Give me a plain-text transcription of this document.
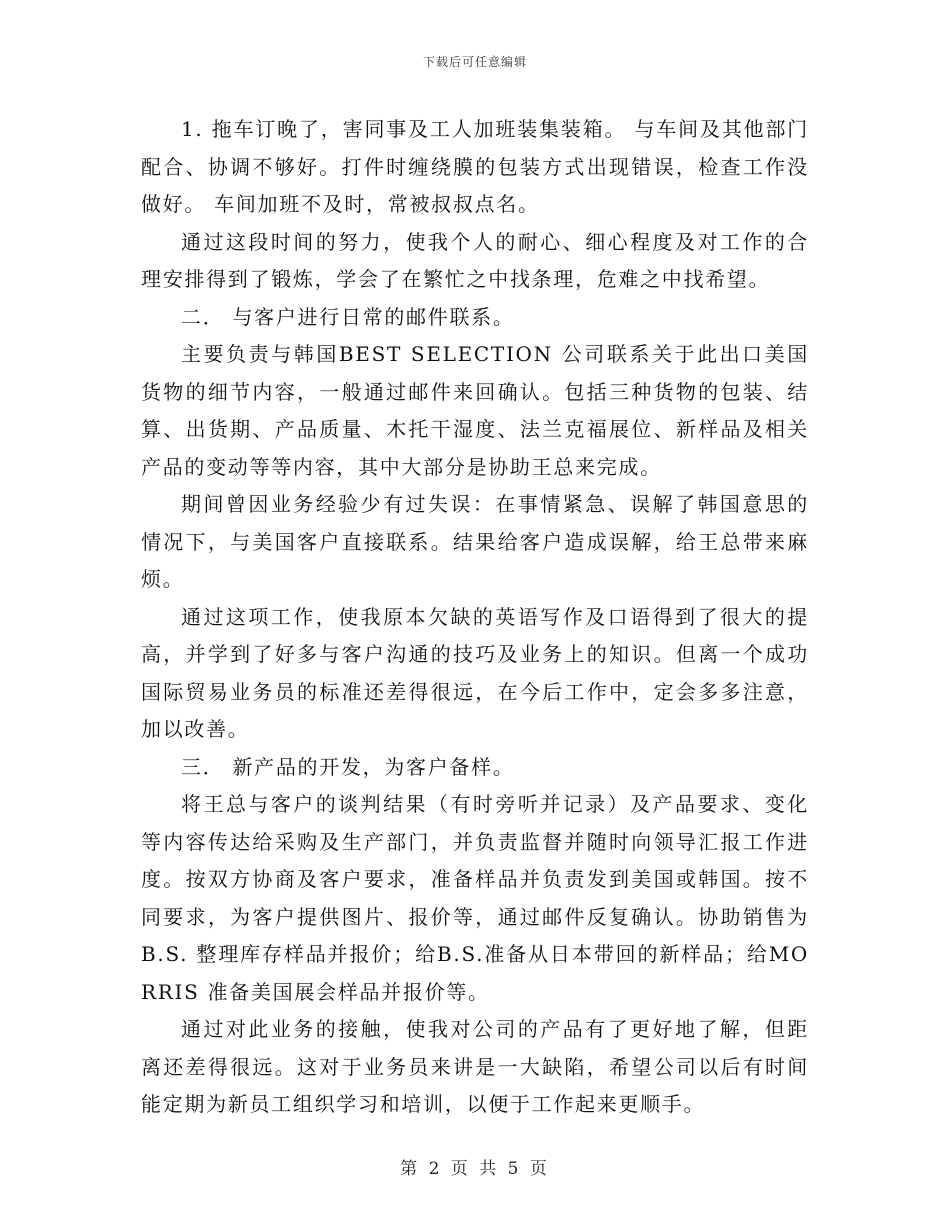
下载后可任意编辑

1. 拖车订晚了，害同事及工人加班装集装箱。 与车间及其他部门配合、协调不够好。打件时缠绕膜的包装方式出现错误，检查工作没做好。 车间加班不及时，常被叔叔点名。

通过这段时间的努力，使我个人的耐心、细心程度及对工作的合理安排得到了锻炼，学会了在繁忙之中找条理，危难之中找希望。

二． 与客户进行日常的邮件联系。

主要负责与韩国BEST SELECTION 公司联系关于此出口美国货物的细节内容，一般通过邮件来回确认。包括三种货物的包装、结算、出货期、产品质量、木托干湿度、法兰克福展位、新样品及相关产品的变动等等内容，其中大部分是协助王总来完成。

期间曾因业务经验少有过失误：在事情紧急、误解了韩国意思的情况下，与美国客户直接联系。结果给客户造成误解，给王总带来麻烦。

通过这项工作，使我原本欠缺的英语写作及口语得到了很大的提高，并学到了好多与客户沟通的技巧及业务上的知识。但离一个成功国际贸易业务员的标准还差得很远，在今后工作中，定会多多注意，加以改善。

三． 新产品的开发，为客户备样。

将王总与客户的谈判结果（有时旁听并记录）及产品要求、变化等内容传达给采购及生产部门，并负责监督并随时向领导汇报工作进度。按双方协商及客户要求，准备样品并负责发到美国或韩国。按不同要求，为客户提供图片、报价等，通过邮件反复确认。协助销售为B.S. 整理库存样品并报价；给B.S.准备从日本带回的新样品；给MORRIS 准备美国展会样品并报价等。

通过对此业务的接触，使我对公司的产品有了更好地了解，但距离还差得很远。这对于业务员来讲是一大缺陷，希望公司以后有时间能定期为新员工组织学习和培训，以便于工作起来更顺手。

第 2 页 共 5 页
